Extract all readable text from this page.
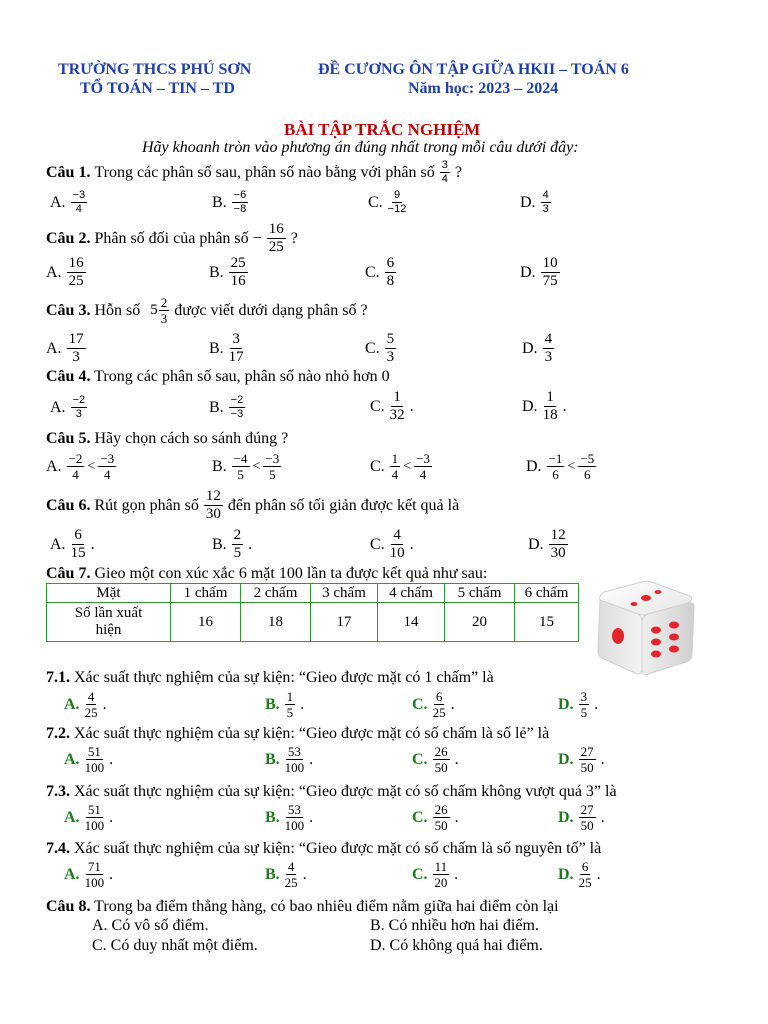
TRƯỜNG THCS PHÚ SƠN
TỔ TOÁN – TIN – TD
ĐỀ CƯƠNG ÔN TẬP GIỮA HKII – TOÁN 6
Năm học: 2023 – 2024
BÀI TẬP TRẮC NGHIỆM
Hãy khoanh tròn vào phương án đúng nhất trong mỗi câu dưới đây:
Câu 1. Trong các phân số sau, phân số nào bằng với phân số 3
4 ?
A. −3
4	B. −6
−8	C. 9
−12	D. 4
3
Câu 2. Phân số đối của phân số − $\frac{16}{25}$ ?
A.
16
25
B.
25
16
C.
6
8
D.
10
75
Câu 3. Hỗn số 5 2
3 được viết dưới dạng phân số ?
A.
17
3
B.
3
17
C.
5
3
D.
4
3
Câu 4. Trong các phân số sau, phân số nào nhỏ hơn 0
A. −2
3	B. −2
−3	C.
1
32
.	D.
1
18
.
Câu 5. Hãy chọn cách so sánh đúng ?
A. −2
4
< −3
4	B. −4
5
< −3
5	C. 1
4
< −3
4	D. −1
6
< −5
6
Câu 6. Rút gọn phân số
12
30
đến phân số tối giản được kết quả là
A.
6
15
.	B.
2
5
.	C.
4
10
.	D.
12
30
Câu 7. Gieo một con xúc xắc 6 mặt 100 lần ta được kết quả như sau:
Mặt	1 chấm	2 chấm	3 chấm	4 chấm	5 chấm	6 chấm

Số lần xuất
hiện	16	18	17	14	20	15
7.1. Xác suất thực nghiệm của sự kiện: “Gieo được mặt có 1 chấm” là
A. 4
25 .	B. 1
5 .	C. 6
25 .	D. 3
5 .
7.2. Xác suất thực nghiệm của sự kiện: “Gieo được mặt có số chấm là số lẻ” là
A. 51
100 .	B. 53
100 .	C. 26
50 .	D. 27
50 .
7.3. Xác suất thực nghiệm của sự kiện: “Gieo được mặt có số chấm không vượt quá 3” là
A. 51
100 .	B. 53
100 .	C. 26
50 .	D. 27
50 .
7.4. Xác suất thực nghiệm của sự kiện: “Gieo được mặt có số chấm là số nguyên tố” là
A. 71
100 .	B. 4
25 .	C. 11
20 .	D. 6
25 .
Câu 8. Trong ba điểm thẳng hàng, có bao nhiêu điểm nằm giữa hai điểm còn lại
A. Có vô số điểm.	B. Có nhiều hơn hai điểm.
C. Có duy nhất một điểm.	D. Có không quá hai điểm.
